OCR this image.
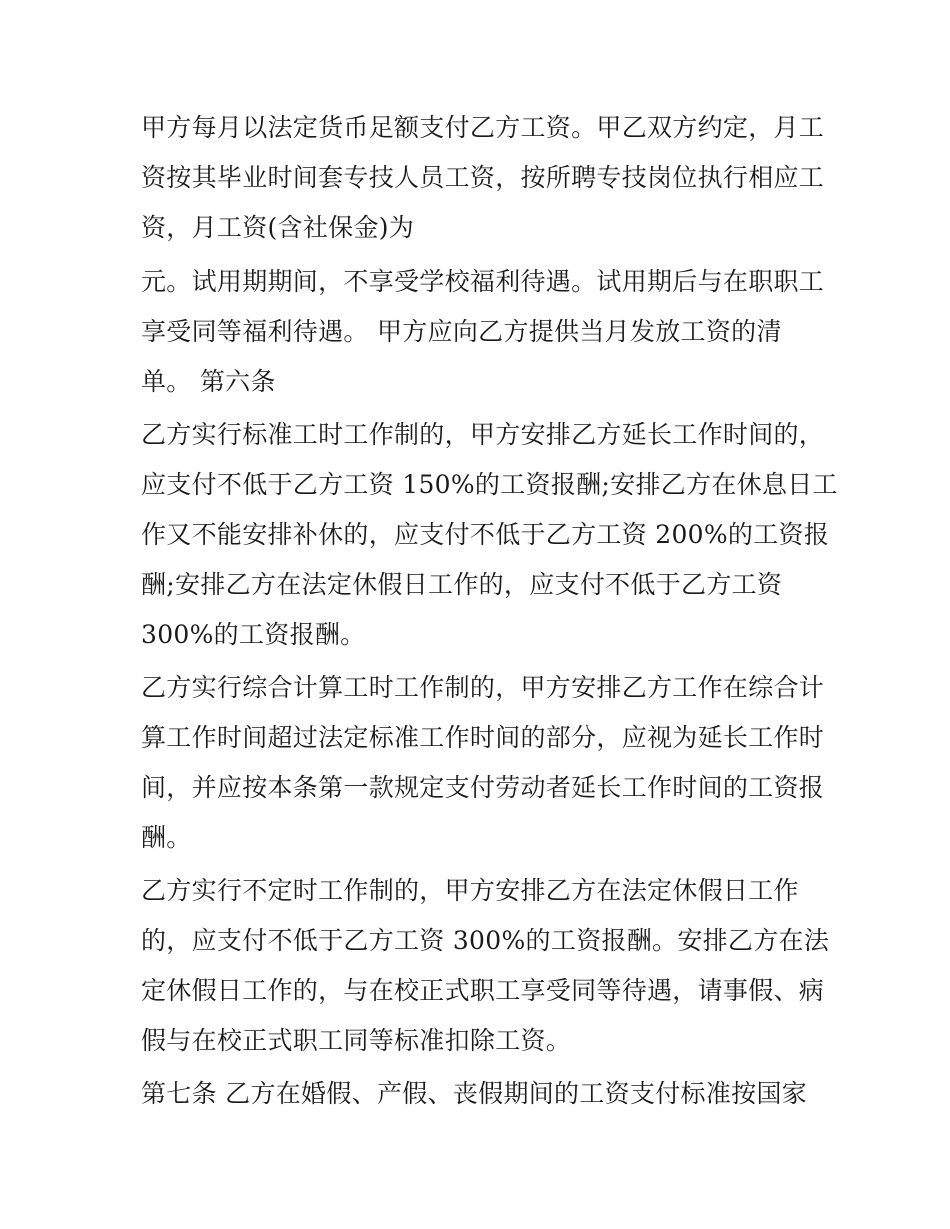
甲方每月以法定货币足额支付乙方工资。甲乙双方约定，月工
资按其毕业时间套专技人员工资，按所聘专技岗位执行相应工
资，月工资(含社保金)为
元。试用期期间，不享受学校福利待遇。试用期后与在职职工
享受同等福利待遇。 甲方应向乙方提供当月发放工资的清
单。 第六条
乙方实行标准工时工作制的，甲方安排乙方延长工作时间的，
应支付不低于乙方工资 150%的工资报酬;安排乙方在休息日工
作又不能安排补休的，应支付不低于乙方工资 200%的工资报
酬;安排乙方在法定休假日工作的，应支付不低于乙方工资
300%的工资报酬。
乙方实行综合计算工时工作制的，甲方安排乙方工作在综合计
算工作时间超过法定标准工作时间的部分，应视为延长工作时
间，并应按本条第一款规定支付劳动者延长工作时间的工资报
酬。
乙方实行不定时工作制的，甲方安排乙方在法定休假日工作
的，应支付不低于乙方工资 300%的工资报酬。安排乙方在法
定休假日工作的，与在校正式职工享受同等待遇，请事假、病
假与在校正式职工同等标准扣除工资。
第七条 乙方在婚假、产假、丧假期间的工资支付标准按国家
